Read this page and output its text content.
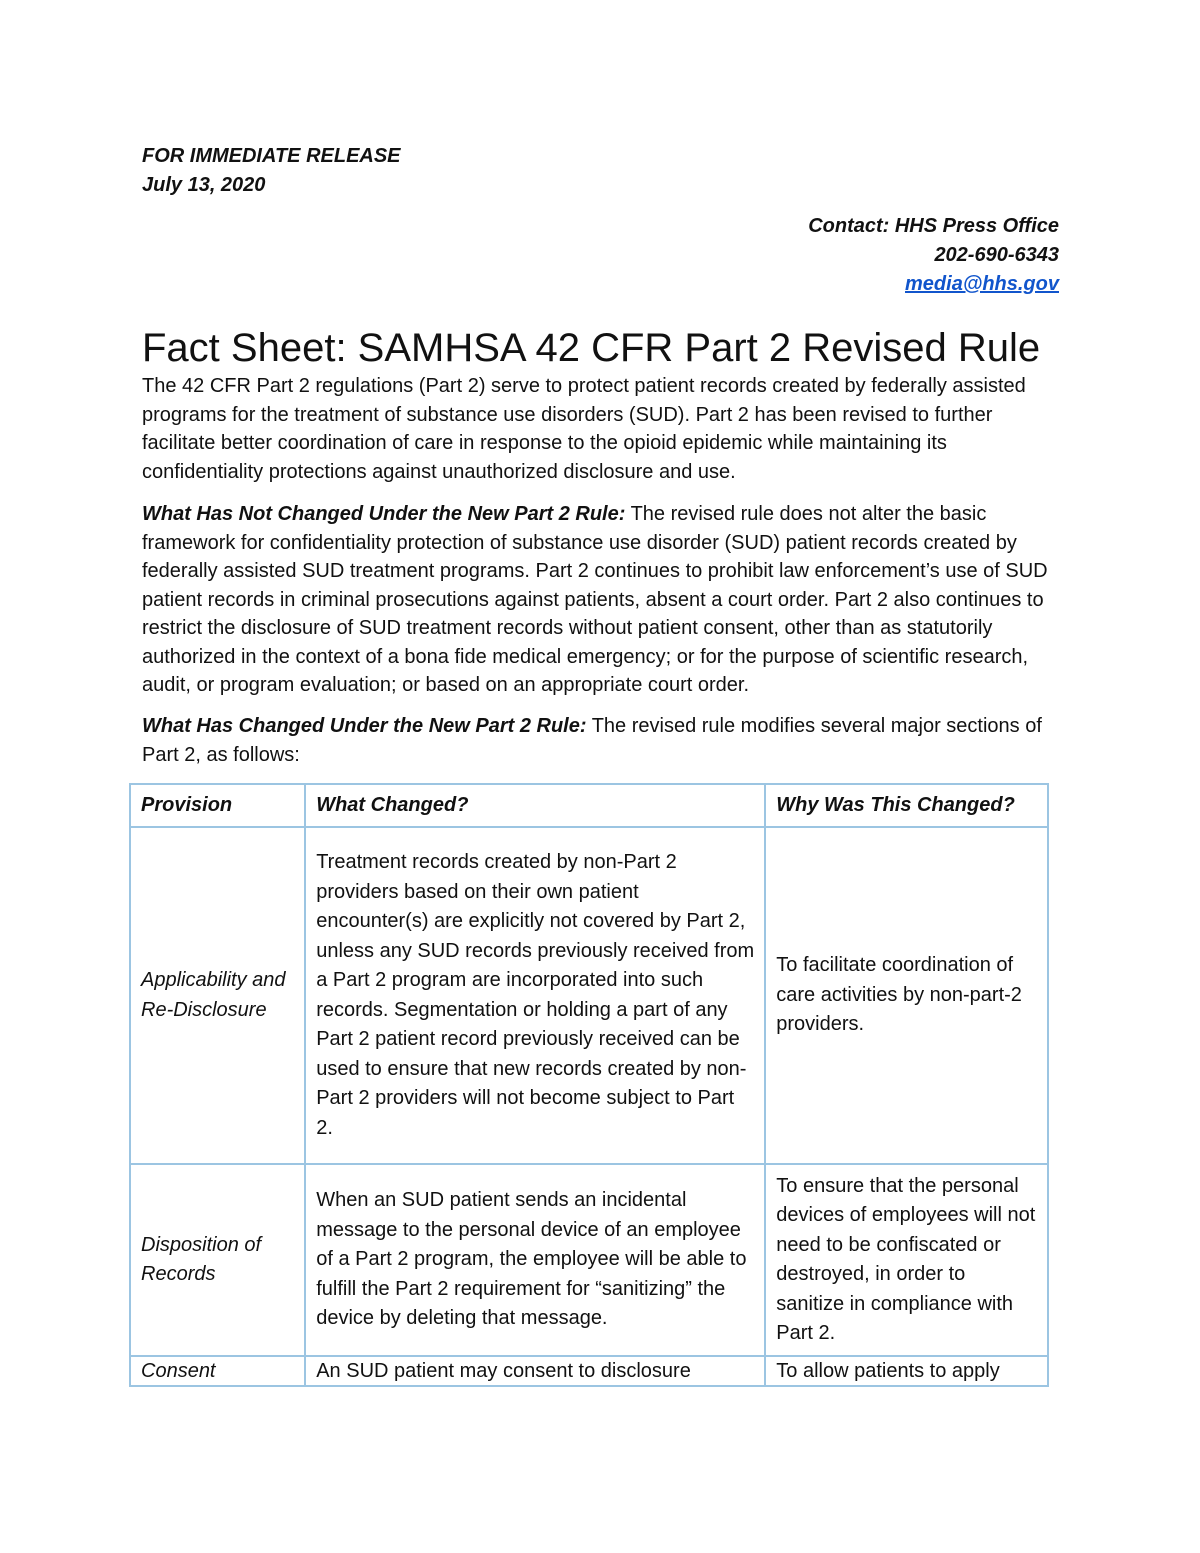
FOR IMMEDIATE RELEASE
July 13, 2020
Contact: HHS Press Office
202-690-6343
media@hhs.gov
Fact Sheet: SAMHSA 42 CFR Part 2 Revised Rule

The 42 CFR Part 2 regulations (Part 2) serve to protect patient records created by federally assisted programs for the treatment of substance use disorders (SUD). Part 2 has been revised to further facilitate better coordination of care in response to the opioid epidemic while maintaining its confidentiality protections against unauthorized disclosure and use.

What Has Not Changed Under the New Part 2 Rule: The revised rule does not alter the basic framework for confidentiality protection of substance use disorder (SUD) patient records created by federally assisted SUD treatment programs. Part 2 continues to prohibit law enforcement’s use of SUD patient records in criminal prosecutions against patients, absent a court order. Part 2 also continues to restrict the disclosure of SUD treatment records without patient consent, other than as statutorily authorized in the context of a bona fide medical emergency; or for the purpose of scientific research, audit, or program evaluation; or based on an appropriate court order.

What Has Changed Under the New Part 2 Rule: The revised rule modifies several major sections of Part 2, as follows:

Provision	What Changed?	Why Was This Changed?
Applicability and Re-Disclosure	Treatment records created by non-Part 2 providers based on their own patient encounter(s) are explicitly not covered by Part 2, unless any SUD records previously received from a Part 2 program are incorporated into such records. Segmentation or holding a part of any Part 2 patient record previously received can be used to ensure that new records created by non-Part 2 providers will not become subject to Part 2.	To facilitate coordination of care activities by non-part-2 providers.
Disposition of Records	When an SUD patient sends an incidental message to the personal device of an employee of a Part 2 program, the employee will be able to fulfill the Part 2 requirement for “sanitizing” the device by deleting that message.	To ensure that the personal devices of employees will not need to be confiscated or destroyed, in order to sanitize in compliance with Part 2.
Consent	An SUD patient may consent to disclosure	To allow patients to apply
